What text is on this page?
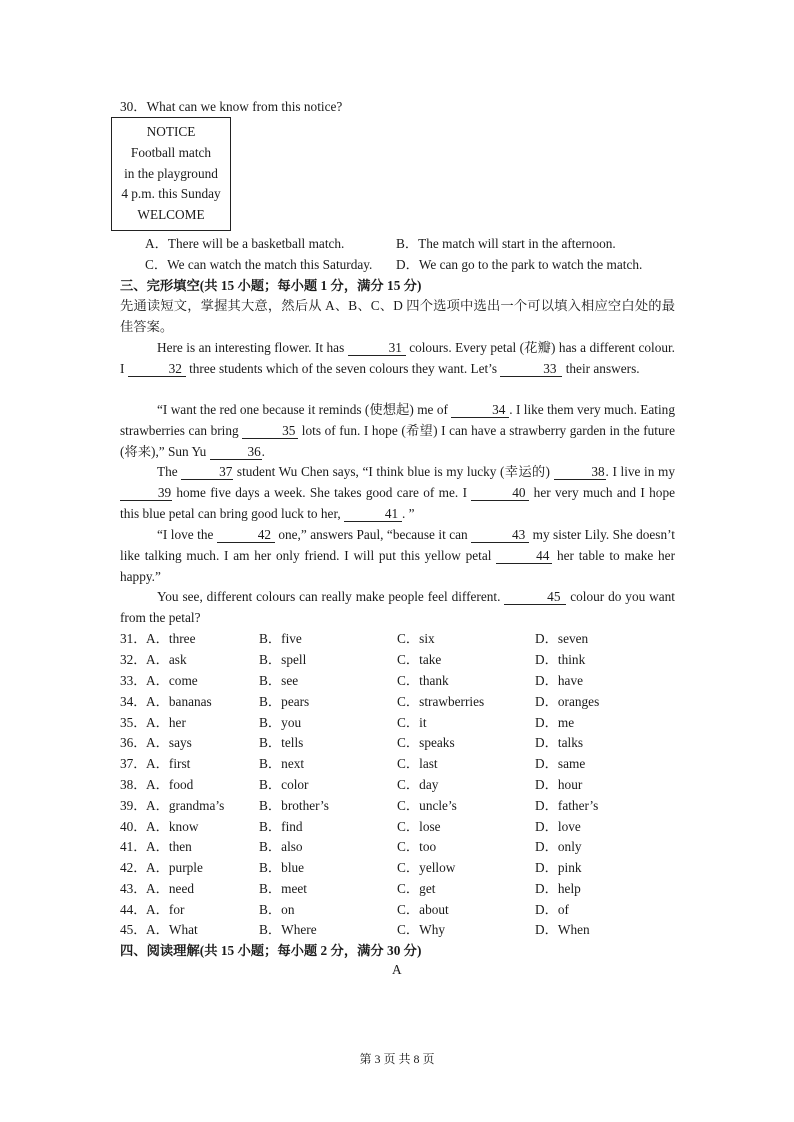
30．What can we know from this notice?
NOTICE
Football match
in the playground
4 p.m. this Sunday
WELCOME
A．There will be a basketball match.	B．The match will start in the afternoon.
C．We can watch the match this Saturday. D．We can go to the park to watch the match.
三、完形填空(共 15 小题；每小题 1 分，满分 15 分)
先通读短文，掌握其大意，然后从 A、B、C、D 四个选项中选出一个可以填入相应空白处的最佳答案。
Here is an interesting flower. It has	31 colours. Every petal (花瓣) has a different colour. I	32 three students which of the seven colours they want. Let’s	33 their answers.
“I want the red one because it reminds (使想起) me of	34 . I like them very much. Eating strawberries can bring	35 lots of fun. I hope (希望) I can have a strawberry garden in the future (将来),” Sun Yu	36.
The	37 student Wu Chen says, “I think blue is my lucky (幸运的)	38. I live in my 39 home five days a week. She takes good care of me. I	40 her very much and I hope this blue petal can bring good luck to her,	41 . ”
“I love the	42 one,” answers Paul, “because it can	43 my sister Lily. She doesn’t like talking much. I am her only friend. I will put this yellow petal	44 her table to make her happy.”
You see, different colours can really make people feel different.	45 colour do you want from the petal?
31． A．three	B．five	C．six	D．seven
32． A．ask	B．spell	C．take	D．think
33． A．come	B．see	C．thank	D．have
34． A．bananas	B．pears	C．strawberries	D．oranges
35． A．her	B．you	C．it	D．me
36． A．says	B．tells	C．speaks	D．talks
37． A．first	B．next	C．last	D．same
38． A．food	B．color	C．day	D．hour
39． A．grandma’s	B．brother’s	C．uncle’s	D．father’s
40． A．know	B．find	C．lose	D．love
41． A．then	B．also	C．too	D．only
42． A．purple	B．blue	C．yellow	D．pink
43． A．need	B．meet	C．get	D．help
44． A．for	B．on	C．about	D．of
45． A．What	B．Where	C．Why	D．When
四、阅读理解(共 15 小题；每小题 2 分，满分 30 分)
A
第 3 页 共 8 页
